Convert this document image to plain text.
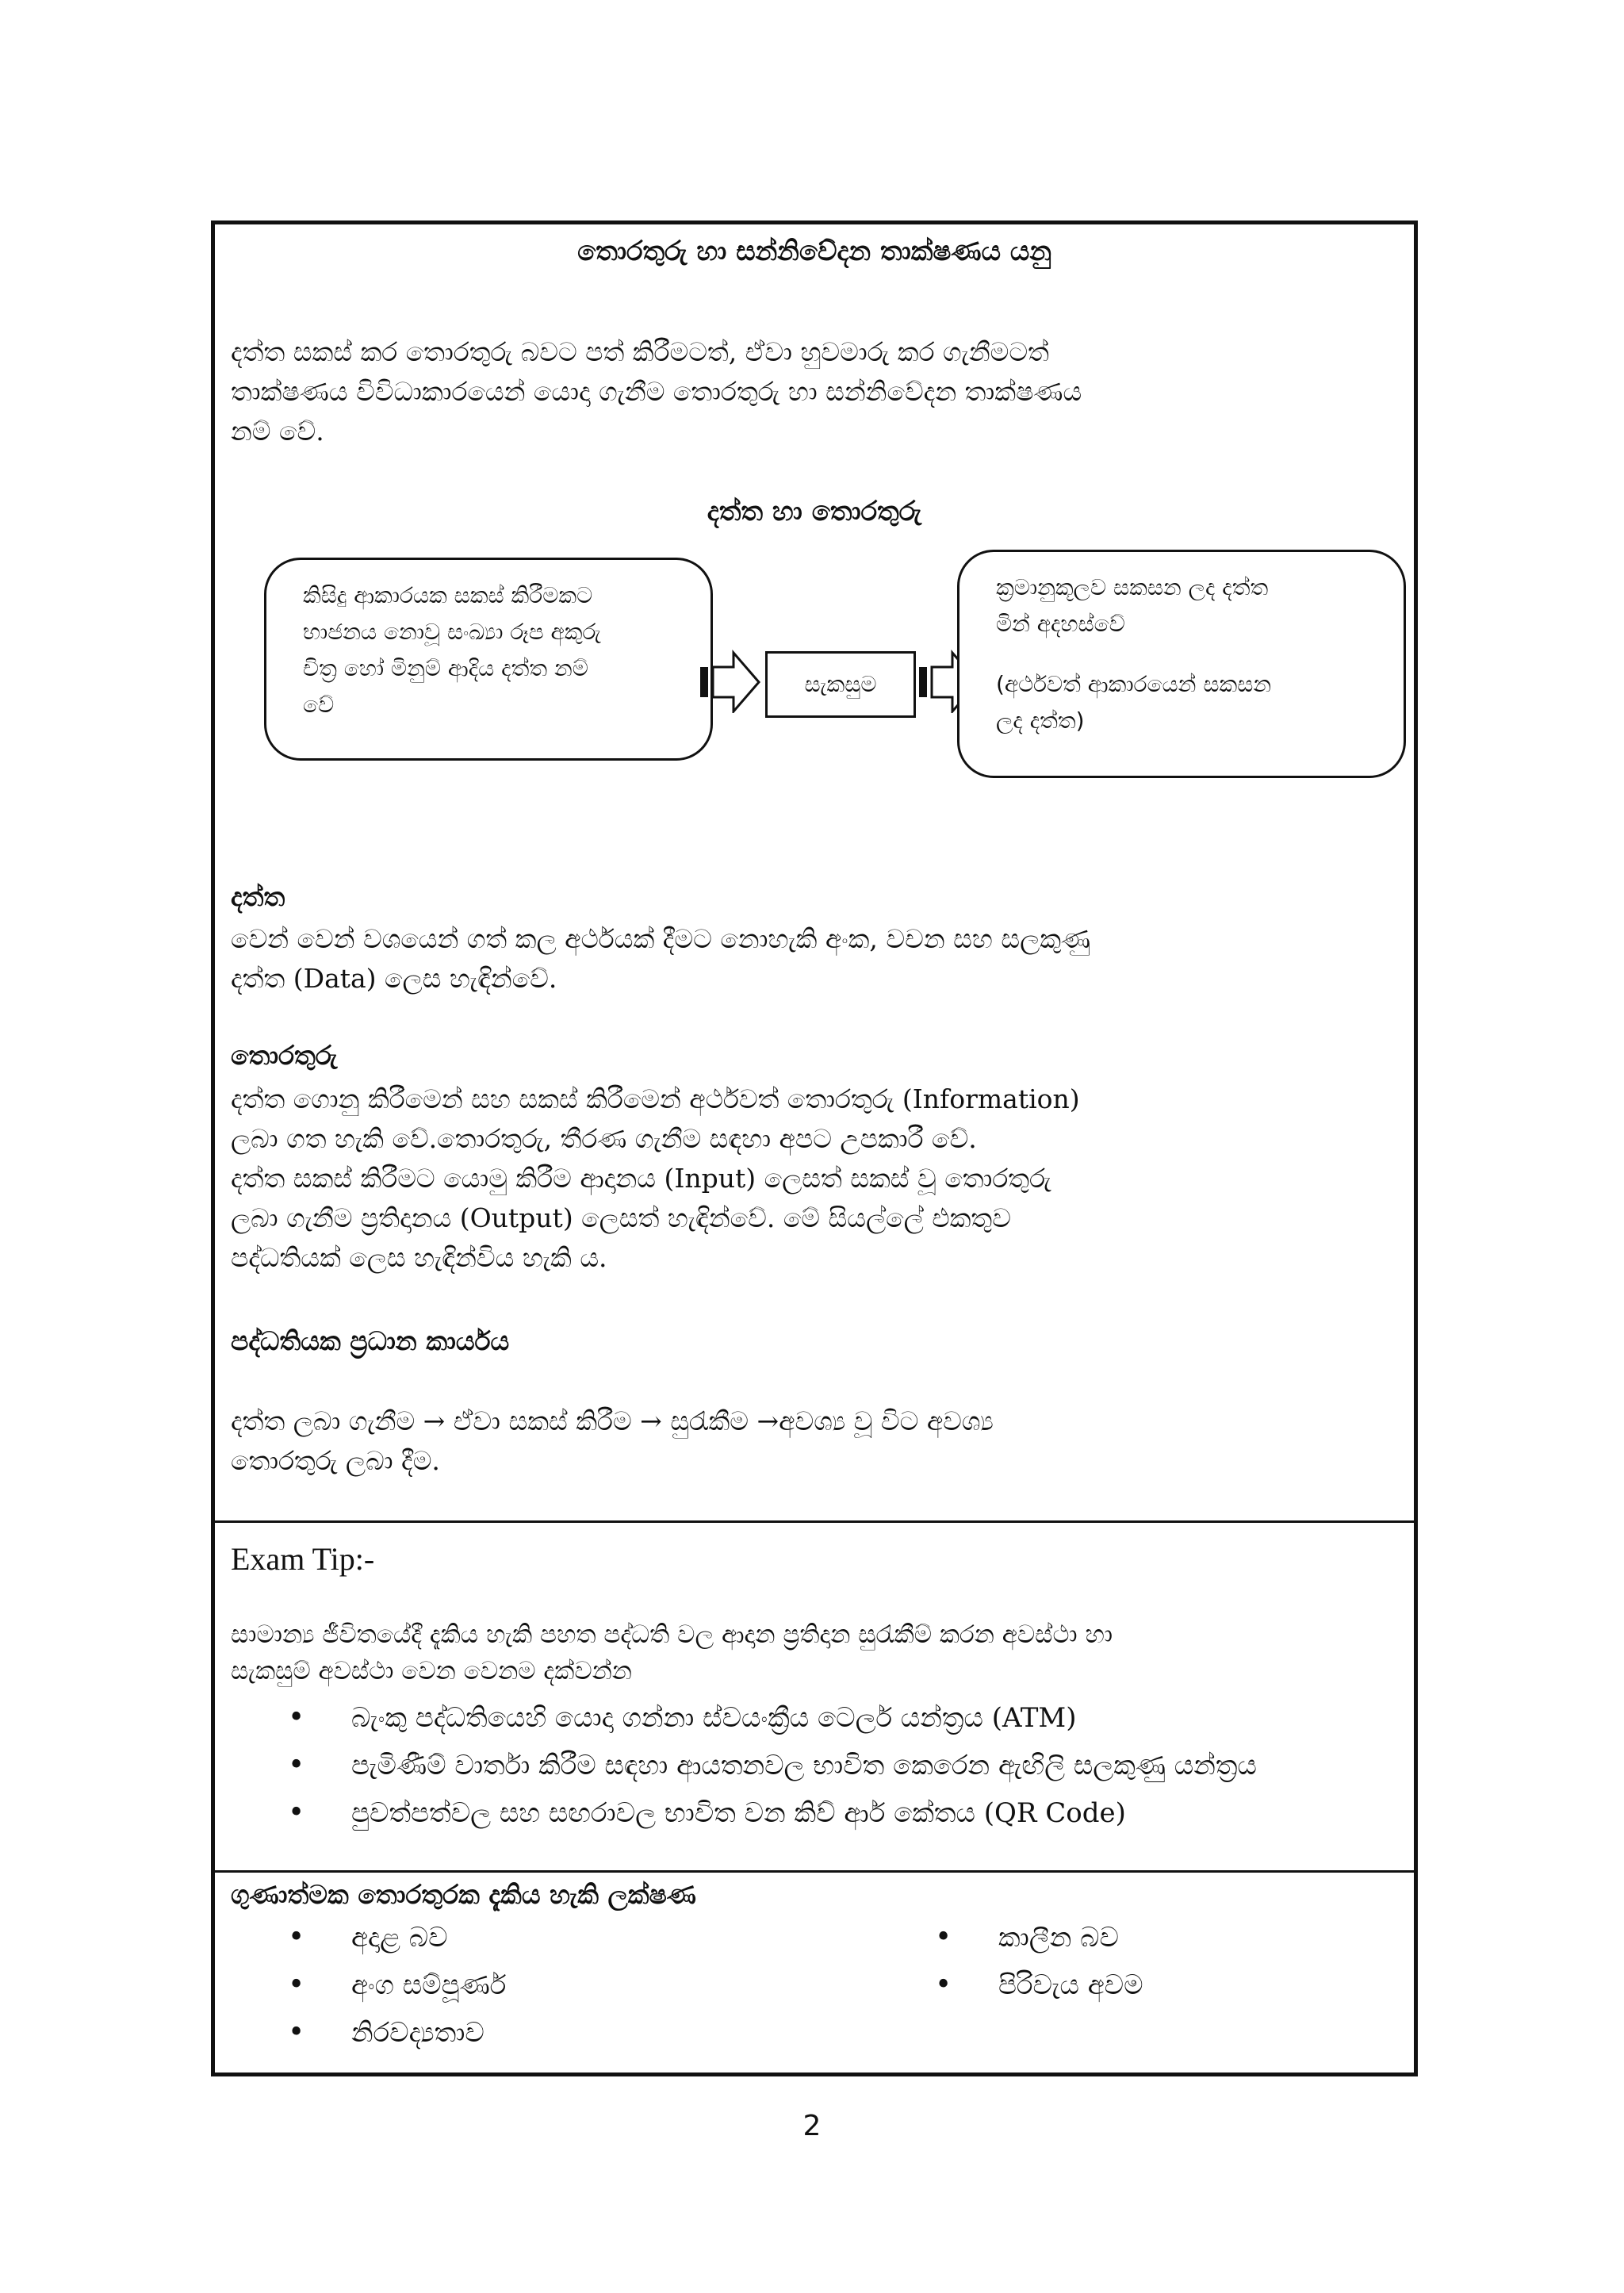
තොරතුරු හා සන්නිවේදන තාක්ෂණය යනු
දත්ත සකස් කර තොරතුරු බවට පත් කිරීමටත්, ඒවා හුවමාරු කර ගැනීමටත්
තාක්ෂණය විවිධාකාරයෙන් යොදා ගැනීම තොරතුරු හා සන්නිවේදන තාක්ෂණය
නම් වේ.
දත්ත හා තොරතුරු
කිසිදු ආකාරයක සකස් කිරීමකට
භාජනය නොවූ සංඛ්‍යා රූප අකුරු
චිත්‍ර හෝ මිනුම් ආදිය දත්ත නම්
වේ
සැකසුම
ක්‍රමානුකූලව සකසන ලද දත්ත
මින් අදහස්වේ
(අර්ථවත් ආකාරයෙන් සකසන
ලද දත්ත)
දත්ත
වෙන් වෙන් වශයෙන් ගත් කල අර්ථයක් දීමට නොහැකි අංක, වචන සහ සලකුණු
දත්ත (Data) ලෙස හැඳින්වේ.
තොරතුරු
දත්ත ගොනු කිරීමෙන් සහ සකස් කිරීමෙන් අර්ථවත් තොරතුරු (Information)
ලබා ගත හැකි වේ.තොරතුරු, තීරණ ගැනීම සඳහා අපට උපකාරී වේ.
දත්ත සකස් කිරීමට යොමු කිරීම ආදානය (Input) ලෙසත් සකස් වූ තොරතුරු
ලබා ගැනීම ප්‍රතිදානය (Output) ලෙසත් හැඳින්වේ. මේ සියල්ලේ එකතුව
පද්ධතියක් ලෙස හැඳින්විය හැකි ය.
පද්ධතියක ප්‍රධාන කාර්යය
දත්ත ලබා ගැනීම → ඒවා සකස් කිරීම → සුරැකීම →අවශ්‍ය වූ විට අවශ්‍ය
තොරතුරු ලබා දීම.
Exam Tip:-
සාමාන්‍ය ජීවිතයේදී දැකිය හැකි පහත පද්ධති වල ආදාන ප්‍රතිදාන සුරැකීම් කරන අවස්ථා හා
සැකසුම් අවස්ථා වෙන වෙනම දක්වන්න
• බැංකු පද්ධතියෙහි යොදා ගන්නා ස්වයංක්‍රීය ටෙලර් යන්ත්‍රය (ATM)
• පැමිණීම් වාර්තා කිරීම සඳහා ආයතනවල භාවිත කෙරෙන ඇඟිලි සලකුණු යන්ත්‍රය
• පුවත්පත්වල සහ සඟරාවල භාවිත වන කිව් ආර් කේතය (QR Code)
ගුණාත්මක තොරතුරක දැකිය හැකි ලක්ෂණ
• අදාළ බව
• අංග සම්පූර්ණ
• නිරවද්‍යතාව
• කාලීන බව
• පිරිවැය අවම
2
